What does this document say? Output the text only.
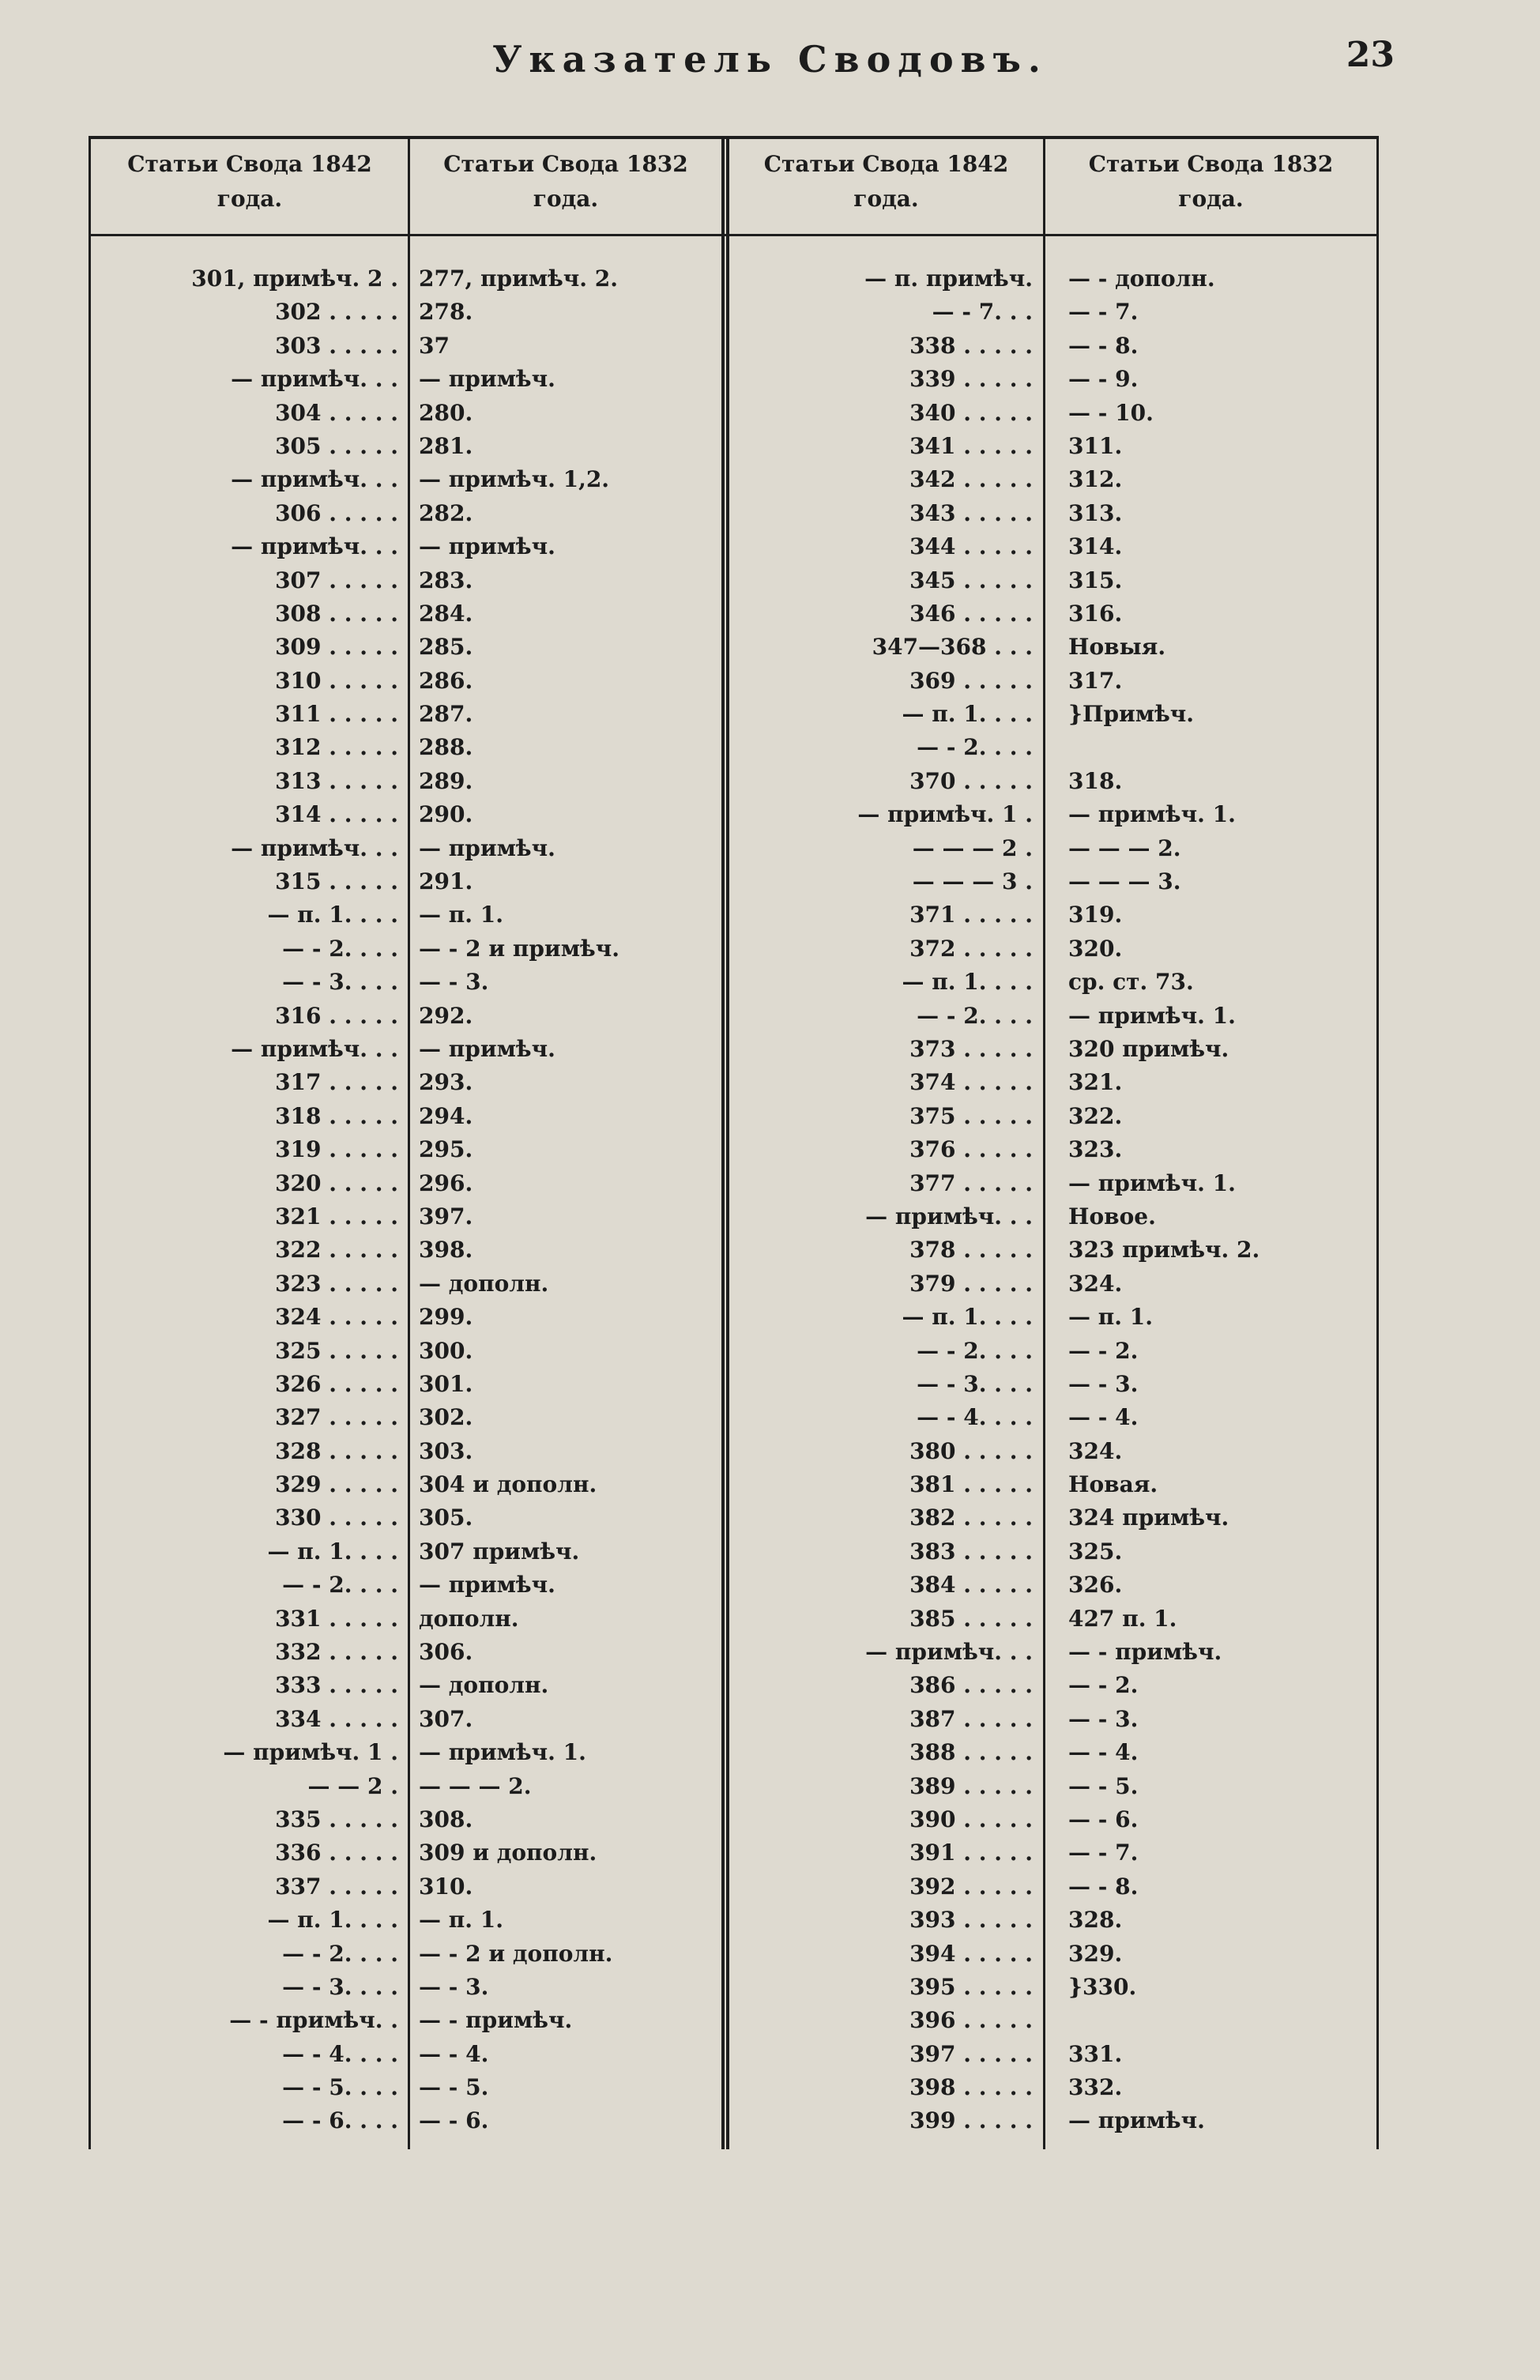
Указатель Сводовъ.	23
Статьи Свода 1842
года.
Статьи Свода 1832
года.
Статьи Свода 1842
года.
Статьи Свода 1832
года.
301, примѣч. 2 .
302 . . . . .
303 . . . . .
— примѣч. . .
304 . . . . .
305 . . . . .
— примѣч. . .
306 . . . . .
— примѣч. . .
307 . . . . .
308 . . . . .
309 . . . . .
310 . . . . .
311 . . . . .
312 . . . . .
313 . . . . .
314 . . . . .
— примѣч. . .
315 . . . . .
— п. 1. . . .
— - 2. . . .
— - 3. . . .
316 . . . . .
— примѣч. . .
317 . . . . .
318 . . . . .
319 . . . . .
320 . . . . .
321 . . . . .
322 . . . . .
323 . . . . .
324 . . . . .
325 . . . . .
326 . . . . .
327 . . . . .
328 . . . . .
329 . . . . .
330 . . . . .
— п. 1. . . .
— - 2. . . .
331 . . . . .
332 . . . . .
333 . . . . .
334 . . . . .
— примѣч. 1 .
— — 2 .
335 . . . . .
336 . . . . .
337 . . . . .
— п. 1. . . .
— - 2. . . .
— - 3. . . .
— - примѣч. .
— - 4. . . .
— - 5. . . .
— - 6. . . .
277, примѣч. 2.
278.
37
— примѣч.
280.
281.
— примѣч. 1,2.
282.
— примѣч.
283.
284.
285.
286.
287.
288.
289.
290.
— примѣч.
291.
— п. 1.
— - 2 и примѣч.
— - 3.
292.
— примѣч.
293.
294.
295.
296.
397.
398.
— дополн.
299.
300.
301.
302.
303.
304 и дополн.
305.
307 примѣч.
— примѣч.
дополн.
306.
— дополн.
307.
— примѣч. 1.
— — — 2.
308.
309 и дополн.
310.
— п. 1.
— - 2 и дополн.
— - 3.
— - примѣч.
— - 4.
— - 5.
— - 6.
— п. примѣч.
— - 7. . .
338 . . . . .
339 . . . . .
340 . . . . .
341 . . . . .
342 . . . . .
343 . . . . .
344 . . . . .
345 . . . . .
346 . . . . .
347—368 . . .
369 . . . . .
— п. 1. . . .
— - 2. . . .
370 . . . . .
— примѣч. 1 .
— — — 2 .
— — — 3 .
371 . . . . .
372 . . . . .
— п. 1. . . .
— - 2. . . .
373 . . . . .
374 . . . . .
375 . . . . .
376 . . . . .
377 . . . . .
— примѣч. . .
378 . . . . .
379 . . . . .
— п. 1. . . .
— - 2. . . .
— - 3. . . .
— - 4. . . .
380 . . . . .
381 . . . . .
382 . . . . .
383 . . . . .
384 . . . . .
385 . . . . .
— примѣч. . .
386 . . . . .
387 . . . . .
388 . . . . .
389 . . . . .
390 . . . . .
391 . . . . .
392 . . . . .
393 . . . . .
394 . . . . .
395 . . . . .
396 . . . . .
397 . . . . .
398 . . . . .
399 . . . . .
— - дополн.
— - 7.
— - 8.
— - 9.
— - 10.
311.
312.
313.
314.
315.
316.
Новыя.
317.
}Примѣч.
318.
— примѣч. 1.
— — — 2.
— — — 3.
319.
320.
ср. ст. 73.
— примѣч. 1.
320 примѣч.
321.
322.
323.
— примѣч. 1.
Новое.
323 примѣч. 2.
324.
— п. 1.
— - 2.
— - 3.
— - 4.
324.
Новая.
324 примѣч.
325.
326.
427 п. 1.
— - примѣч.
— - 2.
— - 3.
— - 4.
— - 5.
— - 6.
— - 7.
— - 8.
328.
329.
}330.
331.
332.
— примѣч.
